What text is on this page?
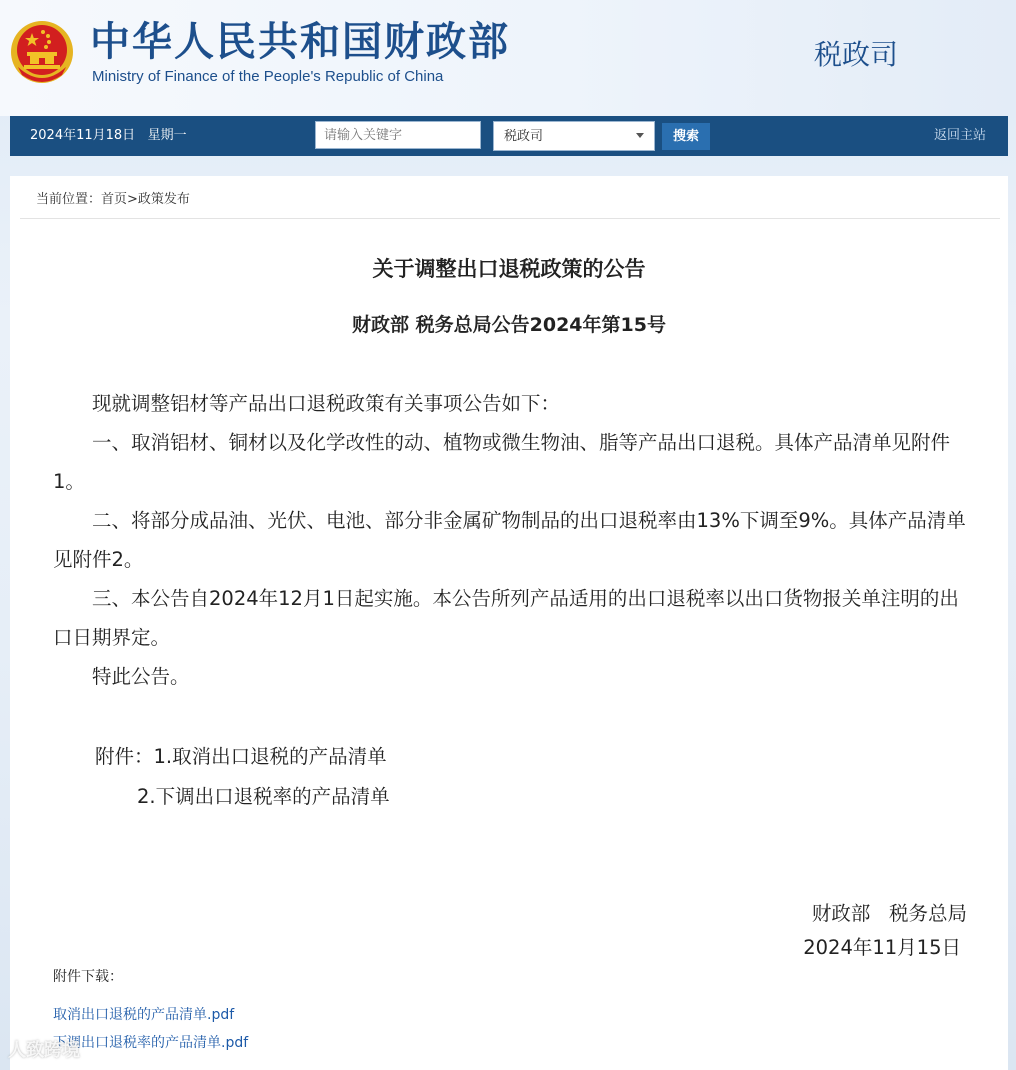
中华人民共和国财政部
Ministry of Finance of the People's Republic of China
税政司
2024年11月18日   星期一
请输入关键字	税政司	搜索	返回主站
当前位置：首页>政策发布
关于调整出口退税政策的公告
财政部 税务总局公告2024年第15号

现就调整铝材等产品出口退税政策有关事项公告如下：

一、取消铝材、铜材以及化学改性的动、植物或微生物油、脂等产品出口退税。具体产品清单见附件1。

二、将部分成品油、光伏、电池、部分非金属矿物制品的出口退税率由13%下调至9%。具体产品清单见附件2。

三、本公告自2024年12月1日起实施。本公告所列产品适用的出口退税率以出口货物报关单注明的出口日期界定。

特此公告。

附件：1.取消出口退税的产品清单
2.下调出口退税率的产品清单
财政部   税务总局
2024年11月15日
附件下载：
取消出口退税的产品清单.pdf
下调出口退税率的产品清单.pdf
人致跨境
